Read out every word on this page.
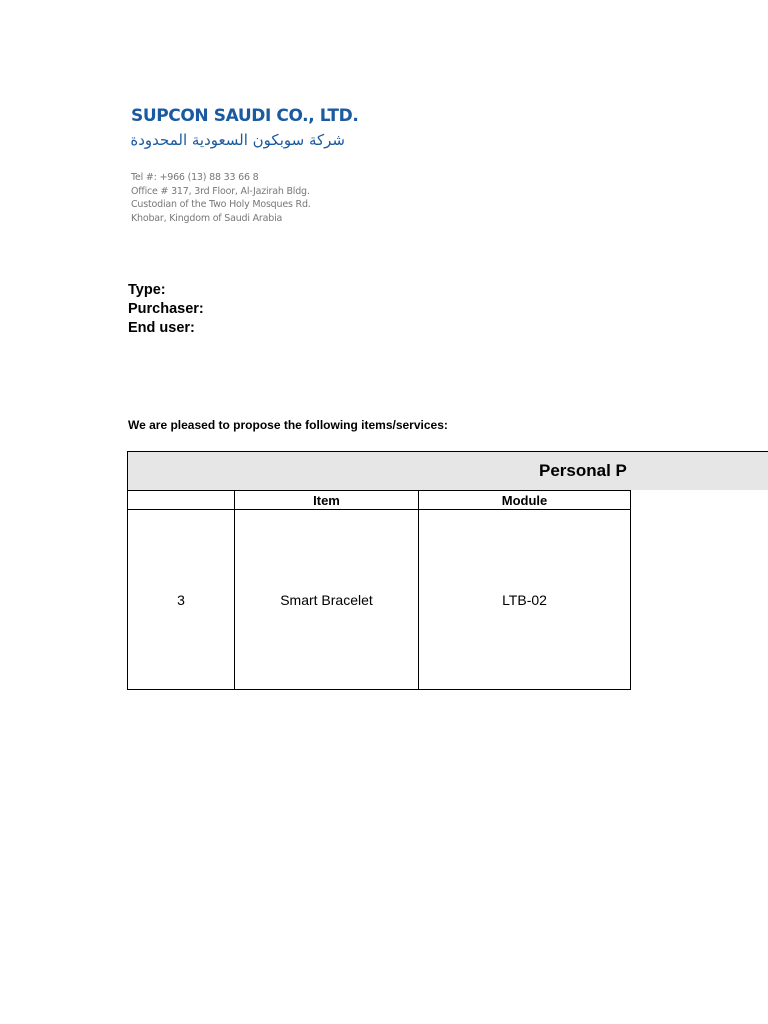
SUPCON SAUDI CO., LTD.
شركة سوبكون السعودية المحدودة
Tel #: +966 (13) 88 33 66 8
Office # 317, 3rd Floor, Al-Jazirah Bldg.
Custodian of the Two Holy Mosques Rd.
Khobar, Kingdom of Saudi Arabia
Type:
Purchaser:
End user:
We are pleased to propose the following items/services:
Personal P
	Item	Module
3	Smart Bracelet	LTB-02
